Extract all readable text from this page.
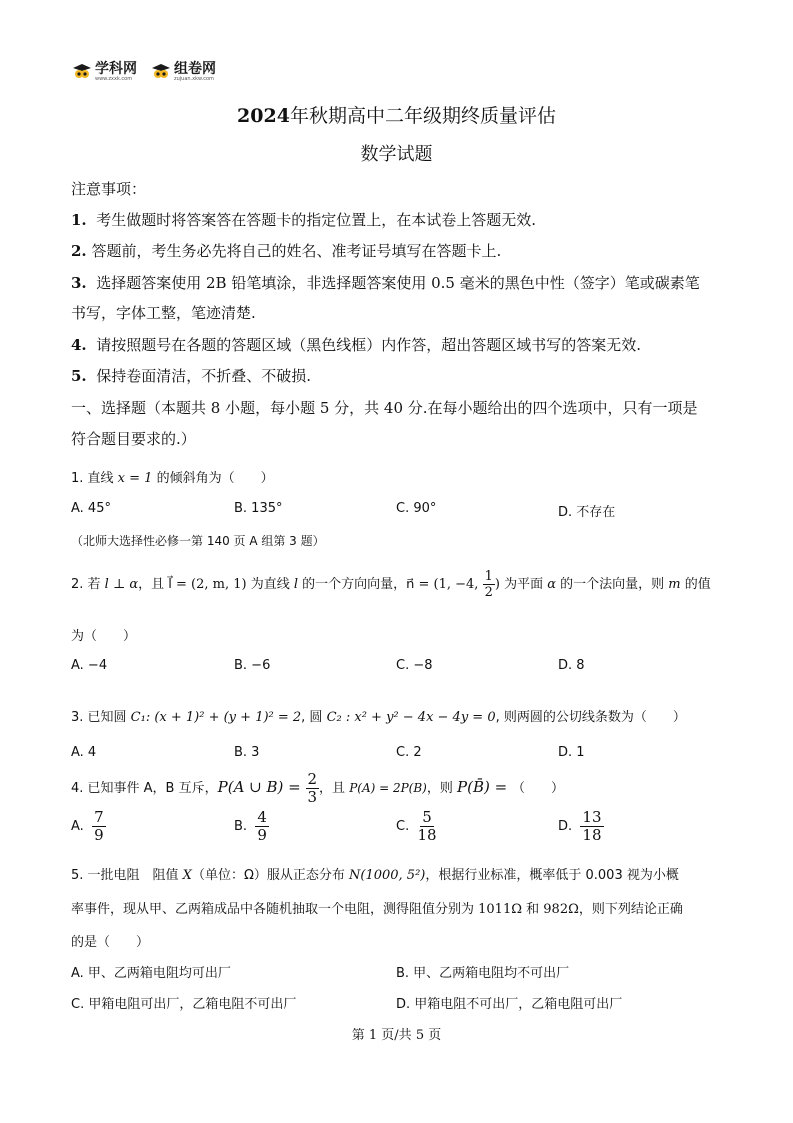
学科网
www.zxxk.com
组卷网
zujuan.xkw.com
2024年秋期高中二年级期终质量评估
数学试题
注意事项：
1. 考生做题时将答案答在答题卡的指定位置上，在本试卷上答题无效.
2. 答题前，考生务必先将自己的姓名、准考证号填写在答题卡上.
3. 选择题答案使用 2B 铅笔填涂，非选择题答案使用 0.5 毫米的黑色中性（签字）笔或碳素笔
书写，字体工整，笔迹清楚.
4. 请按照题号在各题的答题区域（黑色线框）内作答，超出答题区域书写的答案无效.
5. 保持卷面清洁，不折叠、不破损.
一、选择题（本题共 8 小题，每小题 5 分，共 40 分.在每小题给出的四个选项中，只有一项是
符合题目要求的.）
1. 直线 x = 1 的倾斜角为（　　）
A. 45°	B. 135°	C. 90°	D. 不存在
（北师大选择性必修一第 140 页 A 组第 3 题）
2. 若 l ⊥ α，且 l⃗ = (2, m, 1) 为直线 l 的一个方向向量，n⃗ = (1, −4, $\frac{1}{2}$ ) 为平面 α 的一个法向量，则 m 的值
为（　　）
A. −4	B. −6	C. −8	D. 8
3. 已知圆 C₁: (x + 1)² + (y + 1)² = 2, 圆 C₂ : x² + y² − 4x − 4y = 0, 则两圆的公切线条数为（　　）
A. 4	B. 3	C. 2	D. 1
4. 已知事件 A，B 互斥，P(A ∪ $B) = \frac{2}{3}$ ，且 P(A) = 2P(B)，则 P(B̄) = （　　）
A. $\frac{7}{9}$	B. $\frac{4}{9}$	C. $\frac{5}{18}$	D. $\frac{13}{18}$
5. 一批电阻　阻值 X（单位：Ω）服从正态分布 N(1000, 5²)，根据行业标准，概率低于 0.003 视为小概
率事件，现从甲、乙两箱成品中各随机抽取一个电阻，测得阻值分别为 1011Ω 和 982Ω，则下列结论正确
的是（　　）
A. 甲、乙两箱电阻均可出厂	B. 甲、乙两箱电阻均不可出厂
C. 甲箱电阻可出厂，乙箱电阻不可出厂	D. 甲箱电阻不可出厂，乙箱电阻可出厂
第 1 页/共 5 页
